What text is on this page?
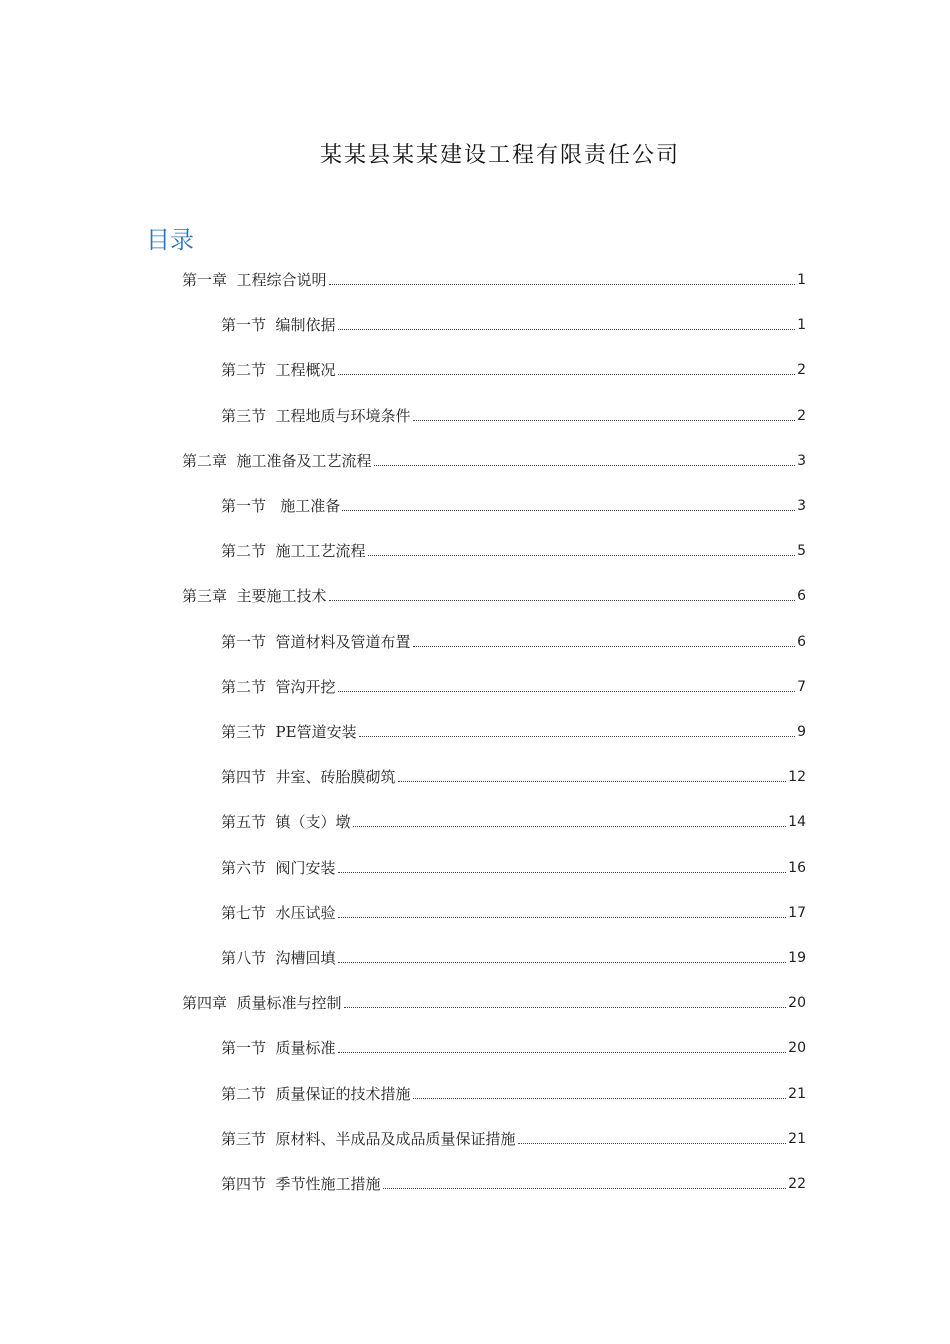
某某县某某建设工程有限责任公司
目录
第一章  工程综合说明	1
第一节  编制依据	1
第二节  工程概况	2
第三节  工程地质与环境条件	2
第二章  施工准备及工艺流程	3
第一节   施工准备	3
第二节  施工工艺流程	5
第三章  主要施工技术	6
第一节  管道材料及管道布置	6
第二节  管沟开挖	7
第三节  PE管道安装	9
第四节  井室、砖胎膜砌筑	12
第五节  镇（支）墩	14
第六节  阀门安装	16
第七节  水压试验	17
第八节  沟槽回填	19
第四章  质量标准与控制	20
第一节  质量标准	20
第二节  质量保证的技术措施	21
第三节  原材料、半成品及成品质量保证措施	21
第四节  季节性施工措施	22
